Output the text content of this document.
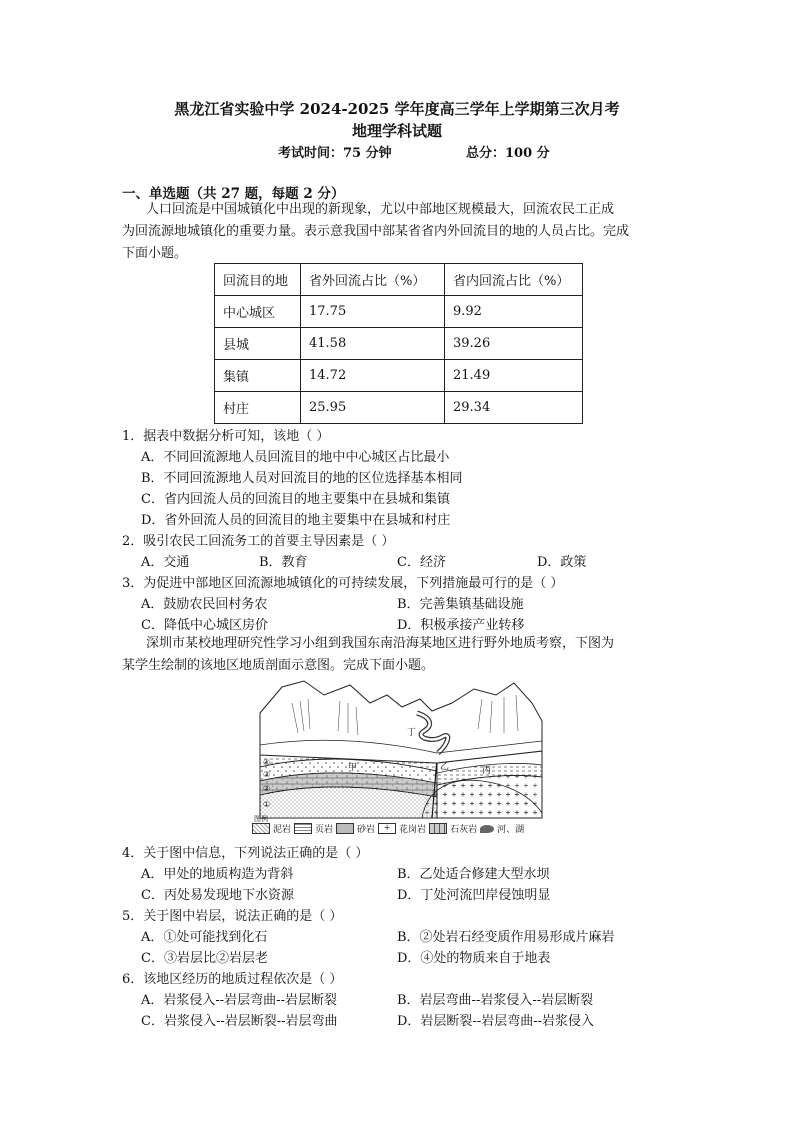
黑龙江省实验中学 2024-2025 学年度高三学年上学期第三次月考
地理学科试题
考试时间：75 分钟	总分：100 分
一、单选题（共 27 题，每题 2 分）
人口回流是中国城镇化中出现的新现象，尤以中部地区规模最大，回流农民工正成
为回流源地城镇化的重要力量。表示意我国中部某省省内外回流目的地的人员占比。完成
下面小题。
回流目的地	省外回流占比（%）	省内回流占比（%）
中心城区	17.75	9.92
县城	41.58	39.26
集镇	14.72	21.49
村庄	25.95	29.34
1．据表中数据分析可知，该地（ ）
A．不同回流源地人员回流目的地中中心城区占比最小
B．不同回流源地人员对回流目的地的区位选择基本相同
C．省内回流人员的回流目的地主要集中在县城和集镇
D．省外回流人员的回流目的地主要集中在县城和村庄
2．吸引农民工回流务工的首要主导因素是（ ）
A．交通	B．教育	C．经济	D．政策
3．为促进中部地区回流源地城镇化的可持续发展，下列措施最可行的是（ ）
A．鼓励农民回村务农	B．完善集镇基础设施
C．降低中心城区房价	D．积极承接产业转移
深圳市某校地理研究性学习小组到我国东南沿海某地区进行野外地质考察，下图为
某学生绘制的该地区地质剖面示意图。完成下面小题。
丁
甲	乙	丙
④
③
②
①
图例
泥岩	页岩	砂岩	+ 花岗岩	石灰岩 河、湖
4．关于图中信息，下列说法正确的是（ ）
A．甲处的地质构造为背斜	B．乙处适合修建大型水坝
C．丙处易发现地下水资源	D．丁处河流凹岸侵蚀明显
5．关于图中岩层，说法正确的是（ ）
A．①处可能找到化石	B．②处岩石经变质作用易形成片麻岩
C．③岩层比②岩层老	D．④处的物质来自于地表
6．该地区经历的地质过程依次是（ ）
A．岩浆侵入--岩层弯曲--岩层断裂	B．岩层弯曲--岩浆侵入--岩层断裂
C．岩浆侵入--岩层断裂--岩层弯曲	D．岩层断裂--岩层弯曲--岩浆侵入
